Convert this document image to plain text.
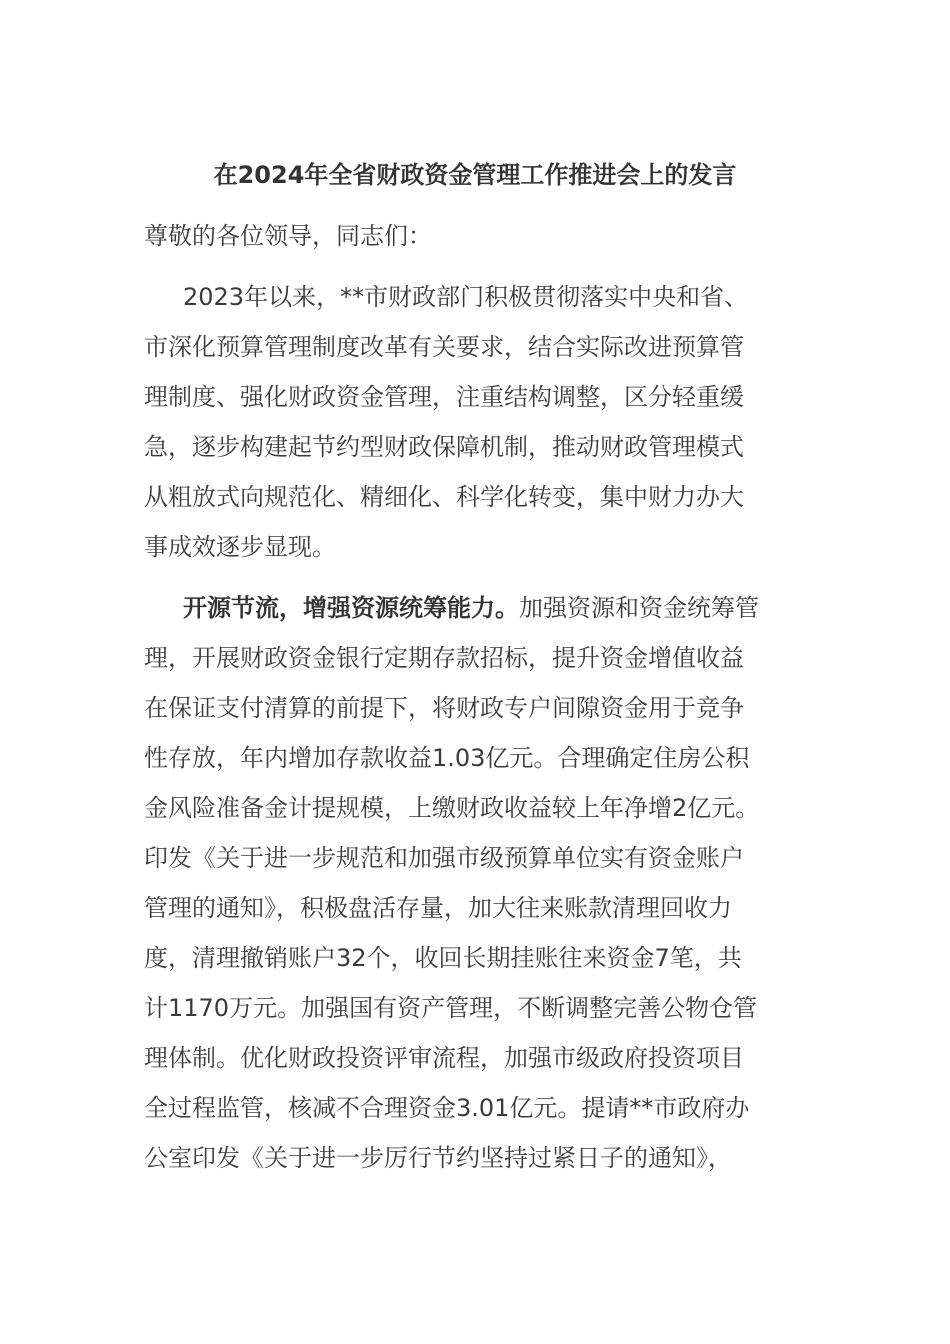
在2024年全省财政资金管理工作推进会上的发言
尊敬的各位领导，同志们：
2023年以来，**市财政部门积极贯彻落实中央和省、
市深化预算管理制度改革有关要求，结合实际改进预算管
理制度、强化财政资金管理，注重结构调整，区分轻重缓
急，逐步构建起节约型财政保障机制，推动财政管理模式
从粗放式向规范化、精细化、科学化转变，集中财力办大
事成效逐步显现。
开源节流，增强资源统筹能力。加强资源和资金统筹管
理，开展财政资金银行定期存款招标，提升资金增值收益
在保证支付清算的前提下，将财政专户间隙资金用于竞争
性存放，年内增加存款收益1.03亿元。合理确定住房公积
金风险准备金计提规模，上缴财政收益较上年净增2亿元。
印发《关于进一步规范和加强市级预算单位实有资金账户
管理的通知》，积极盘活存量，加大往来账款清理回收力
度，清理撤销账户32个，收回长期挂账往来资金7笔，共
计1170万元。加强国有资产管理，不断调整完善公物仓管
理体制。优化财政投资评审流程，加强市级政府投资项目
全过程监管，核减不合理资金3.01亿元。提请**市政府办
公室印发《关于进一步厉行节约坚持过紧日子的通知》，
